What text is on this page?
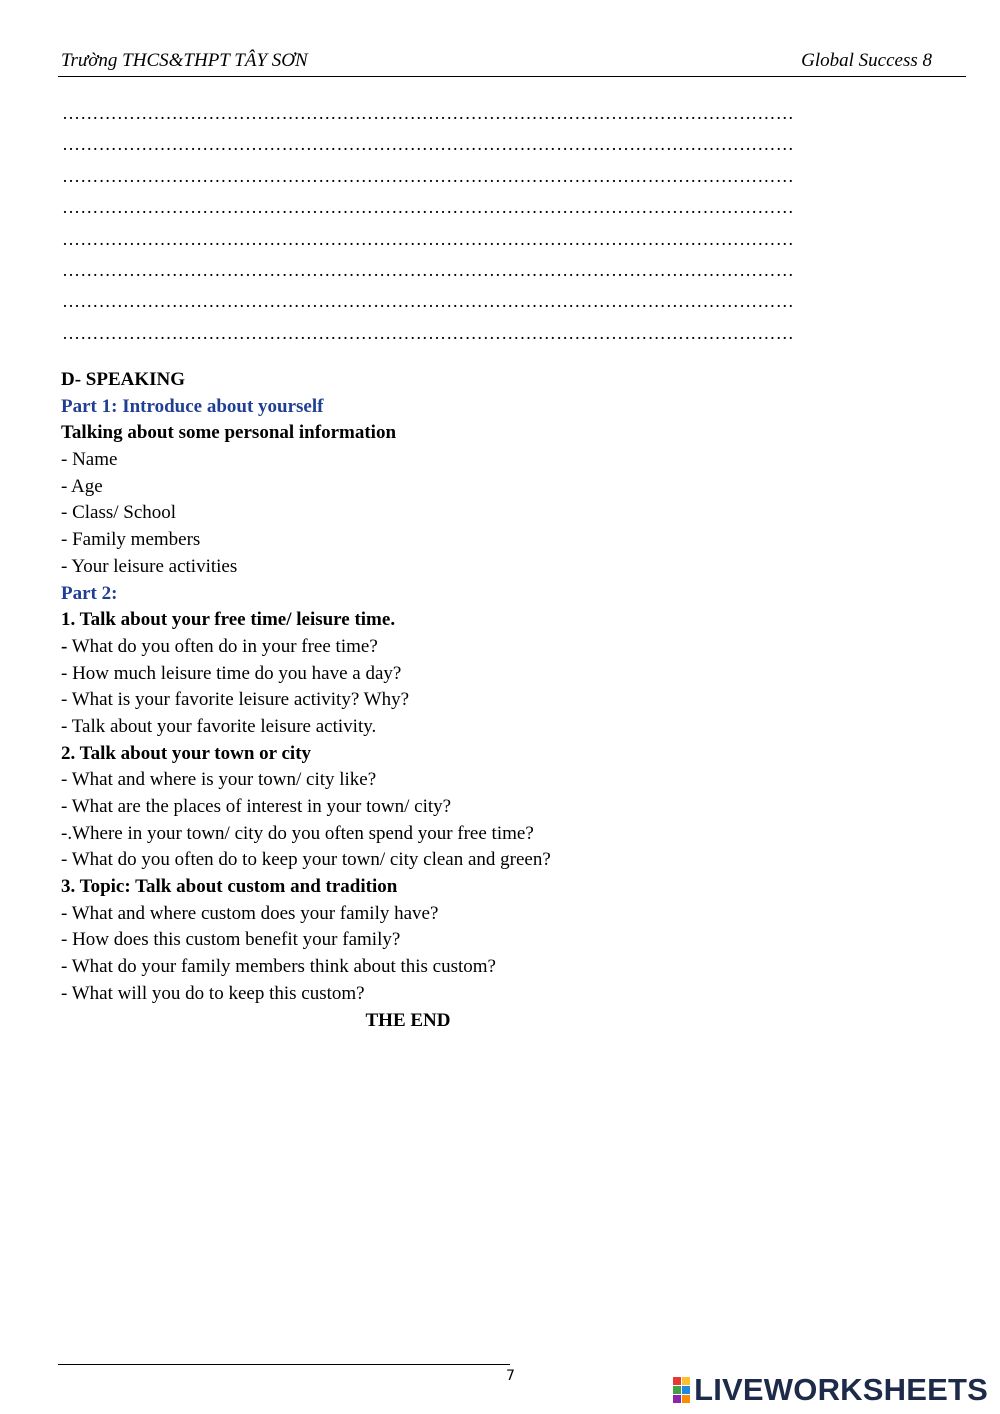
Trường THCS&THPT TÂY SƠN	Global Success 8
…………………………………………………………………………………………………………
…………………………………………………………………………………………………………
…………………………………………………………………………………………………………
…………………………………………………………………………………………………………
…………………………………………………………………………………………………………
…………………………………………………………………………………………………………
…………………………………………………………………………………………………………
…………………………………………………………………………………………………………
D- SPEAKING
Part 1: Introduce about yourself
Talking about some personal information
- Name
- Age
- Class/ School
- Family members
- Your leisure activities
Part 2:
1. Talk about your free time/ leisure time.
- What do you often do in your free time?
- How much leisure time do you have a day?
- What is your favorite leisure activity? Why?
- Talk about your favorite leisure activity.
2. Talk about your town or city
- What and where is your town/ city like?
- What are the places of interest in your town/ city?
-.Where in your town/ city do you often spend your free time?
- What do you often do to keep your town/ city clean and green?
3. Topic: Talk about custom and tradition
- What and where custom does your family have?
- How does this custom benefit your family?
- What do your family members think about this custom?
- What will you do to keep this custom?
THE END
7	LIVEWORKSHEETS
